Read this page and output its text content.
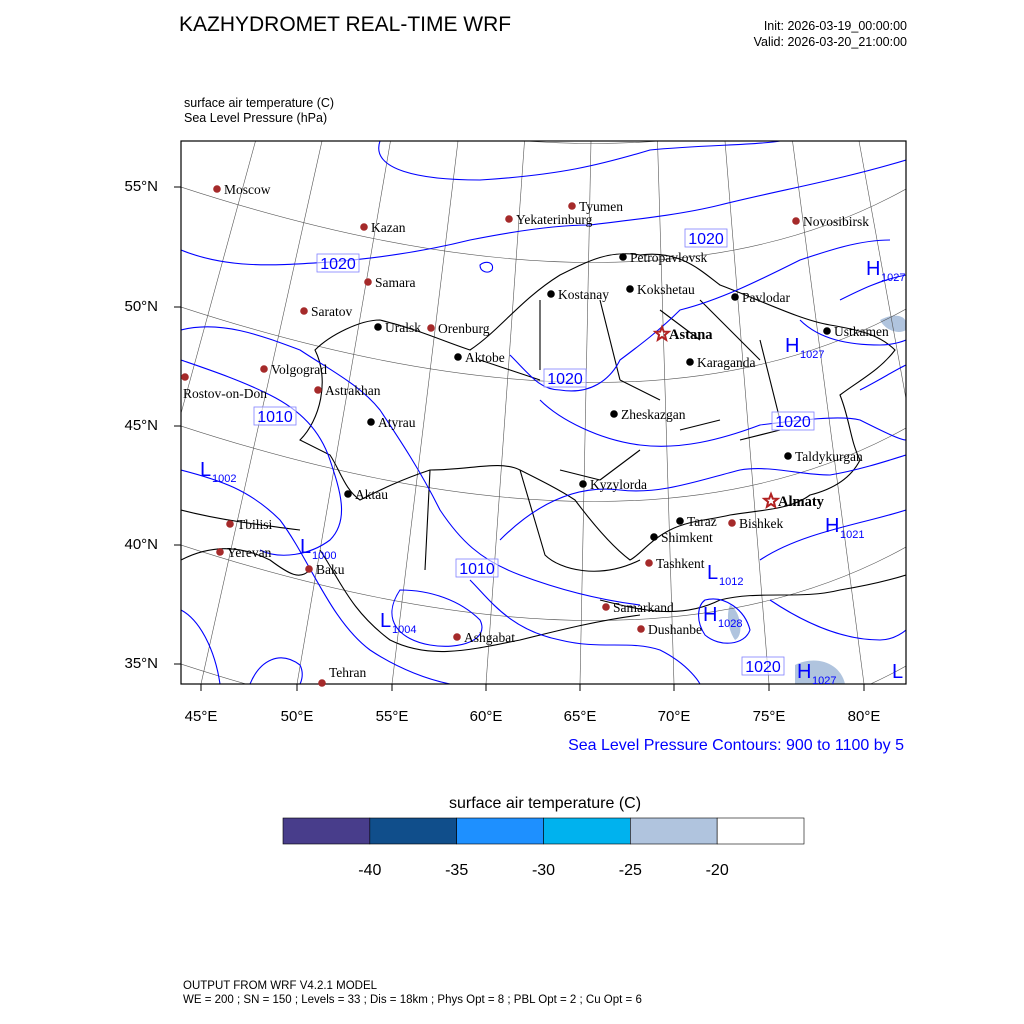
KAZHYDROMET REAL-TIME WRF	Init: 2026-03-19_00:00:00
Valid: 2026-03-20_21:00:00
surface air temperature (C)
Sea Level Pressure (hPa)
Moscow
Kazan
Tyumen
Yekaterinburg	Novosibirsk
Samara
Saratov
Uralsk Orenburg
Aktobe
Volgograd
Rostov-on-Don	Astrakhan
Atyrau
Aktau
Tbilisi
Yerevan
Baku
Tehran
Ashgabat
Petropavlovsk
Kostanay Kokshetau
Pavlodar
Astana
Karaganda
Ustkamen
Zheskazgan
Kyzylorda
Taldykurgan
Almaty
Taraz Bishkek
Shimkent
Tashkent
Samarkand
Dushanbe
1020
1010
1020
1020
1020
1010
1020
H 1027
H 1027
L 1002
L 1000
L 1004
L 1012
H 1021
H 1028
H 1027	L
55°N
50°N
45°N
40°N
35°N
45°E	50°E	55°E	60°E	65°E	70°E	75°E	80°E
Sea Level Pressure Contours: 900 to 1100 by 5
surface air temperature (C)
-40	-35	-30	-25	-20
OUTPUT FROM WRF V4.2.1 MODEL
WE = 200 ; SN = 150 ; Levels = 33 ; Dis = 18km ; Phys Opt = 8 ; PBL Opt = 2 ; Cu Opt = 6
